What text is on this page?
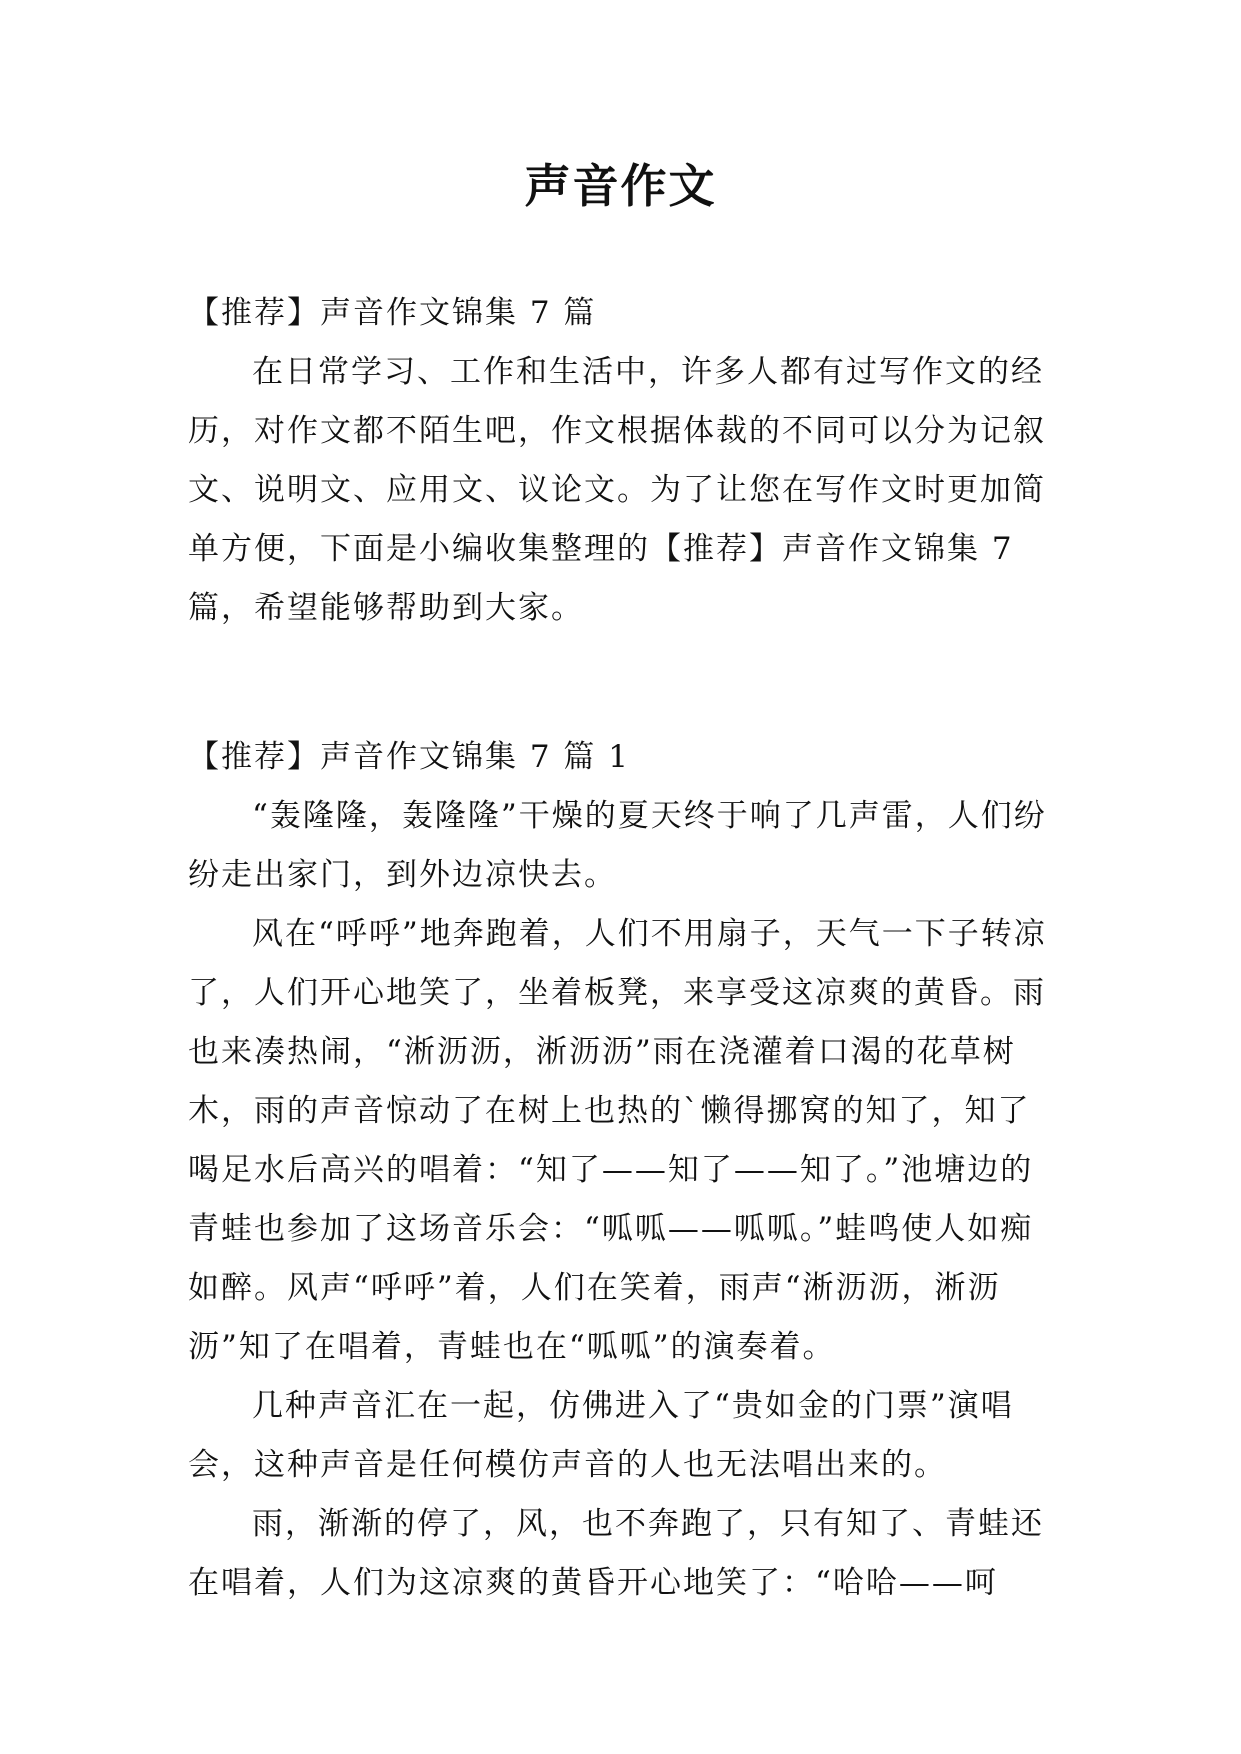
声音作文

【推荐】声音作文锦集 7 篇

在日常学习、工作和生活中，许多人都有过写作文的经历，对作文都不陌生吧，作文根据体裁的不同可以分为记叙文、说明文、应用文、议论文。为了让您在写作文时更加简单方便，下面是小编收集整理的【推荐】声音作文锦集 7 篇，希望能够帮助到大家。

【推荐】声音作文锦集 7 篇 1

“轰隆隆，轰隆隆”干燥的夏天终于响了几声雷，人们纷纷走出家门，到外边凉快去。

风在“呼呼”地奔跑着，人们不用扇子，天气一下子转凉了，人们开心地笑了，坐着板凳，来享受这凉爽的黄昏。雨也来凑热闹，“淅沥沥，淅沥沥”雨在浇灌着口渴的花草树木，雨的声音惊动了在树上也热的`懒得挪窝的知了，知了喝足水后高兴的唱着：“知了——知了——知了。”池塘边的青蛙也参加了这场音乐会：“呱呱——呱呱。”蛙鸣使人如痴如醉。风声“呼呼”着，人们在笑着，雨声“淅沥沥，淅沥沥”知了在唱着，青蛙也在“呱呱”的演奏着。

几种声音汇在一起，仿佛进入了“贵如金的门票”演唱会，这种声音是任何模仿声音的人也无法唱出来的。

雨，渐渐的停了，风，也不奔跑了，只有知了、青蛙还在唱着，人们为这凉爽的黄昏开心地笑了：“哈哈——呵
